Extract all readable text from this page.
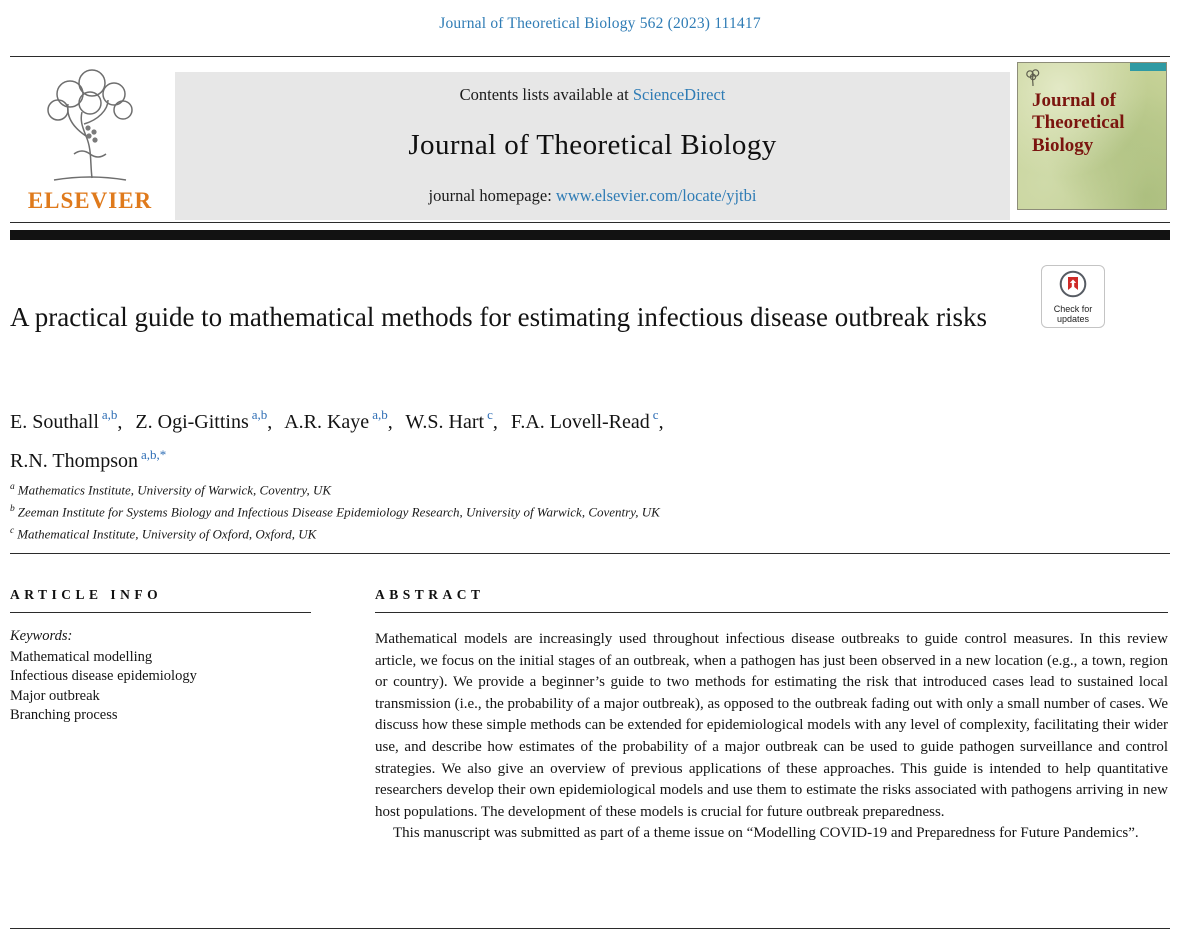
Journal of Theoretical Biology 562 (2023) 111417
ELSEVIER
Contents lists available at ScienceDirect
Journal of Theoretical Biology
journal homepage: www.elsevier.com/locate/yjtbi
Journal of
Theoretical
Biology
Check for
updates
A practical guide to mathematical methods for estimating infectious disease outbreak risks
E. Southall $^{a,b}$, Z. Ogi-Gittins $^{a,b}$, A.R. Kaye $^{a,b}$, W.S. Hart $^c$, F.A. Lovell-Read $^c$,
R.N. Thompson $^{a,b,*}$
$^a$ Mathematics Institute, University of Warwick, Coventry, UK
$^b$ Zeeman Institute for Systems Biology and Infectious Disease Epidemiology Research, University of Warwick, Coventry, UK
$^c$ Mathematical Institute, University of Oxford, Oxford, UK
ARTICLE INFO	ABSTRACT
Keywords:
Mathematical modelling
Infectious disease epidemiology
Major outbreak
Branching process

Mathematical models are increasingly used throughout infectious disease outbreaks to guide control measures. In this review article, we focus on the initial stages of an outbreak, when a pathogen has just been observed in a new location (e.g., a town, region or country). We provide a beginner’s guide to two methods for estimating the risk that introduced cases lead to sustained local transmission (i.e., the probability of a major outbreak), as opposed to the outbreak fading out with only a small number of cases. We discuss how these simple methods can be extended for epidemiological models with any level of complexity, facilitating their wider use, and describe how estimates of the probability of a major outbreak can be used to guide pathogen surveillance and control strategies. We also give an overview of previous applications of these approaches. This guide is intended to help quantitative researchers develop their own epidemiological models and use them to estimate the risks associated with pathogens arriving in new host populations. The development of these models is crucial for future outbreak preparedness.

This manuscript was submitted as part of a theme issue on “Modelling COVID-19 and Preparedness for Future Pandemics”.
